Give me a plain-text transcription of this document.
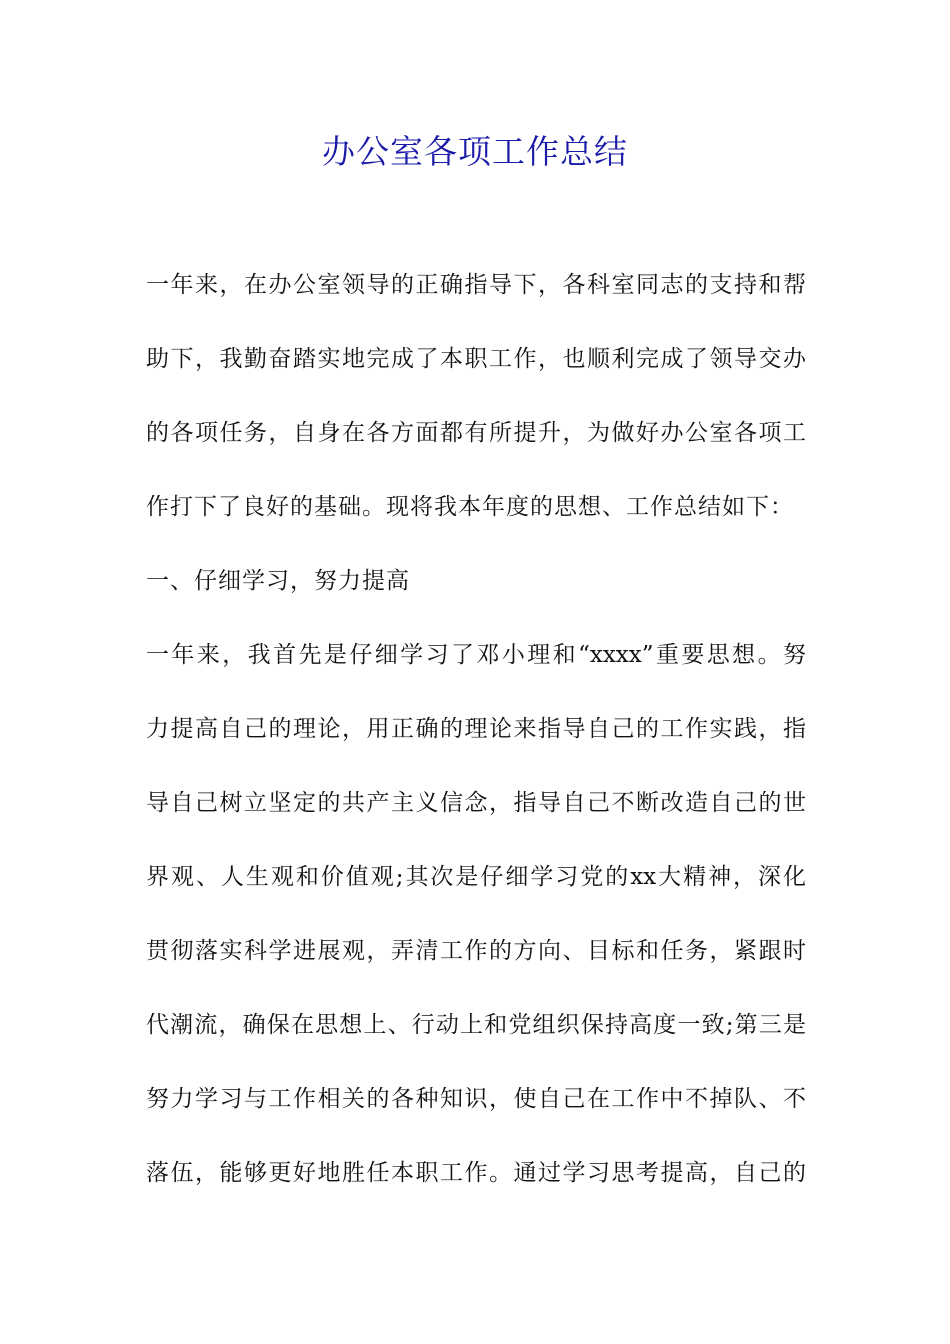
办公室各项工作总结
一年来，在办公室领导的正确指导下，各科室同志的支持和帮
助下，我勤奋踏实地完成了本职工作，也顺利完成了领导交办
的各项任务，自身在各方面都有所提升，为做好办公室各项工
作打下了良好的基础。现将我本年度的思想、工作总结如下：
一、仔细学习，努力提高
一年来，我首先是仔细学习了邓小理和“xxxx”重要思想。努
力提高自己的理论，用正确的理论来指导自己的工作实践，指
导自己树立坚定的共产主义信念，指导自己不断改造自己的世
界观、人生观和价值观;其次是仔细学习党的xx大精神，深化
贯彻落实科学进展观，弄清工作的方向、目标和任务，紧跟时
代潮流，确保在思想上、行动上和党组织保持高度一致;第三是
努力学习与工作相关的各种知识，使自己在工作中不掉队、不
落伍，能够更好地胜任本职工作。通过学习思考提高，自己的
